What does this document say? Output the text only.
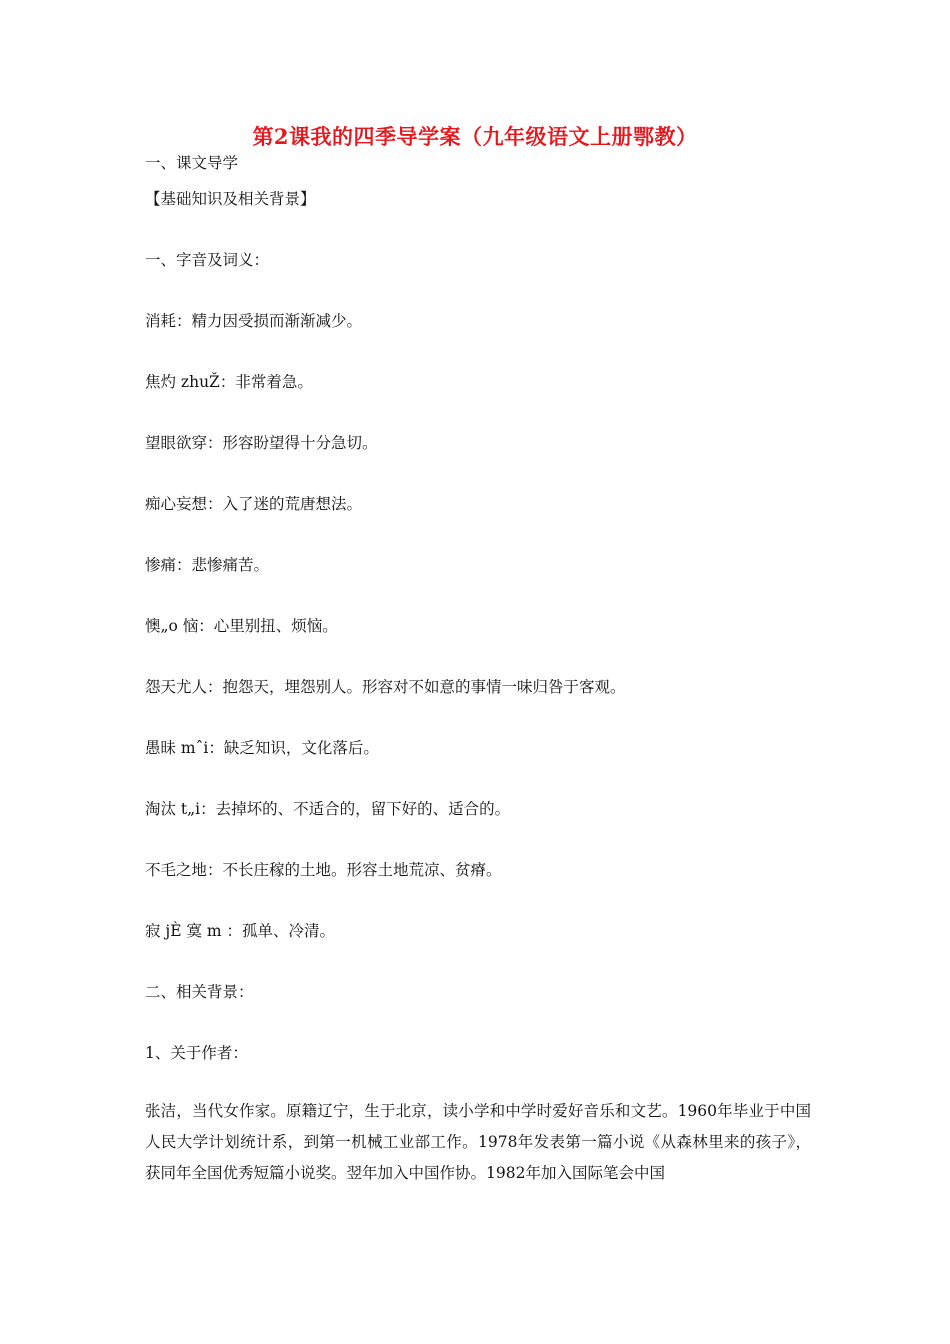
第2课我的四季导学案（九年级语文上册鄂教）
一、课文导学
【基础知识及相关背景】
一、字音及词义：
消耗：精力因受损而渐渐减少。
焦灼 zhuŽ：非常着急。
望眼欲穿：形容盼望得十分急切。
痴心妄想：入了迷的荒唐想法。
惨痛：悲惨痛苦。
懊„o 恼：心里别扭、烦恼。
怨天尤人：抱怨天，埋怨别人。形容对不如意的事情一味归咎于客观。
愚昧 mˆi：缺乏知识，文化落后。
淘汰 t„i：去掉坏的、不适合的，留下好的、适合的。
不毛之地：不长庄稼的土地。形容土地荒凉、贫瘠。
寂 jÈ 寞 m ：孤单、冷清。
二、相关背景：
1、关于作者：
张洁，当代女作家。原籍辽宁，生于北京，读小学和中学时爱好音乐和文艺。1960年毕业于中国人民大学计划统计系，到第一机械工业部工作。1978年发表第一篇小说《从森林里来的孩子》，获同年全国优秀短篇小说奖。翌年加入中国作协。1982年加入国际笔会中国
